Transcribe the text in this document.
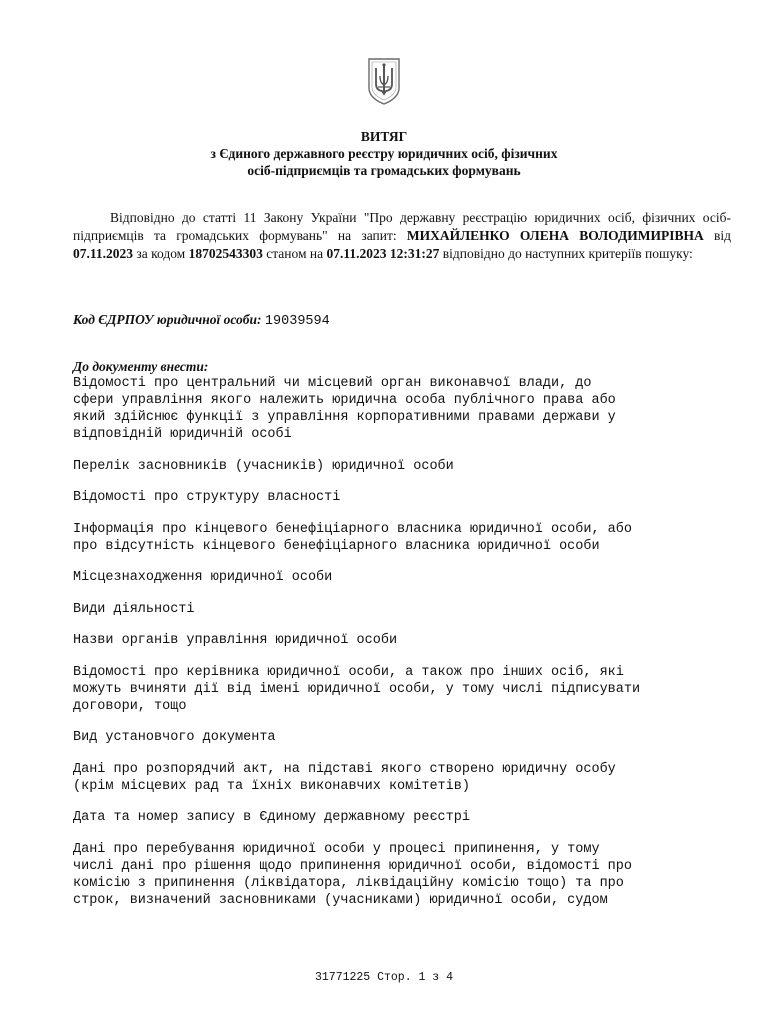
ВИТЯГ
з Єдиного державного реєстру юридичних осіб, фізичних
осіб-підприємців та громадських формувань
Відповідно до статті 11 Закону України "Про державну реєстрацію юридичних осіб, фізичних осіб-підприємців та громадських формувань" на запит: МИХАЙЛЕНКО ОЛЕНА ВОЛОДИМИРІВНА від 07.11.2023 за кодом 18702543303 станом на 07.11.2023 12:31:27 відповідно до наступних критеріїв пошуку:
Код ЄДРПОУ юридичної особи: 19039594
До документу внести:
Відомості про центральний чи місцевий орган виконавчої влади, до
сфери управління якого належить юридична особа публічного права або
який здійснює функції з управління корпоративними правами держави у
відповідній юридичній особі
Перелік засновників (учасників) юридичної особи
Відомості про структуру власності
Інформація про кінцевого бенефіціарного власника юридичної особи, або
про відсутність кінцевого бенефіціарного власника юридичної особи
Місцезнаходження юридичної особи
Види діяльності
Назви органів управління юридичної особи
Відомості про керівника юридичної особи, а також про інших осіб, які
можуть вчиняти дії від імені юридичної особи, у тому числі підписувати
договори, тощо
Вид установчого документа
Дані про розпорядчий акт, на підставі якого створено юридичну особу
(крім місцевих рад та їхніх виконавчих комітетів)
Дата та номер запису в Єдиному державному реєстрі
Дані про перебування юридичної особи у процесі припинення, у тому
числі дані про рішення щодо припинення юридичної особи, відомості про
комісію з припинення (ліквідатора, ліквідаційну комісію тощо) та про
строк, визначений засновниками (учасниками) юридичної особи, судом
31771225 Стор. 1 з 4
